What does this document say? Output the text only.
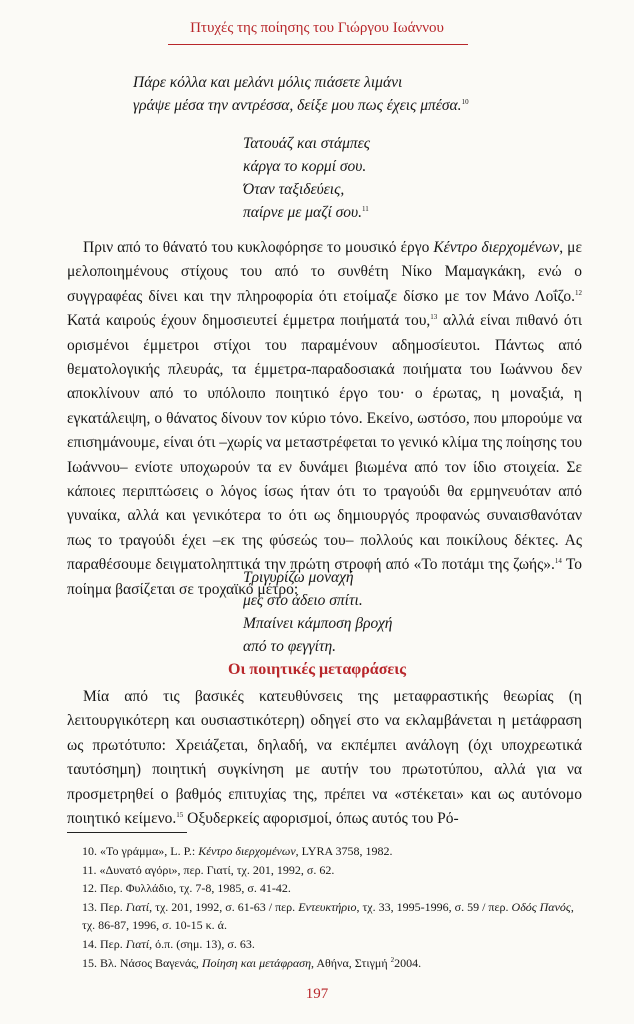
Πτυχές της ποίησης του Γιώργου Ιωάννου
Πάρε κόλλα και μελάνι μόλις πιάσετε λιμάνι
γράψε μέσα την αντρέσσα, δείξε μου πως έχεις μπέσα.$^{10}$
Τατουάζ και στάμπες
κάργα το κορμί σου.
Όταν ταξιδεύεις,
παίρνε με μαζί σου.$^{11}$

Πριν από το θάνατό του κυκλοφόρησε το μουσικό έργο Κέντρο διερχομένων, με μελοποιημένους στίχους του από το συνθέτη Νίκο Μαμαγκάκη, ενώ ο συγγραφέας δίνει και την πληροφορία ότι ετοίμαζε δίσκο με τον Μάνο Λοΐζο.$^{12}$ Κατά καιρούς έχουν δημοσιευτεί έμμετρα ποιήματά του,$^{13}$ αλλά είναι πιθανό ότι ορισμένοι έμμετροι στίχοι του παραμένουν αδημοσίευτοι. Πάντως από θεματολογικής πλευράς, τα έμμετρα-παραδοσιακά ποιήματα του Ιωάννου δεν αποκλίνουν από το υπόλοιπο ποιητικό έργο του· ο έρωτας, η μοναξιά, η εγκατάλειψη, ο θάνατος δίνουν τον κύριο τόνο. Εκείνο, ωστόσο, που μπορούμε να επισημάνουμε, είναι ότι –χωρίς να μεταστρέφεται το γενικό κλίμα της ποίησης του Ιωάννου– ενίοτε υποχωρούν τα εν δυνάμει βιωμένα από τον ίδιο στοιχεία. Σε κάποιες περιπτώσεις ο λόγος ίσως ήταν ότι το τραγούδι θα ερμηνευόταν από γυναίκα, αλλά και γενικότερα το ότι ως δημιουργός προφανώς συναισθανόταν πως το τραγούδι έχει –εκ της φύσεώς του– πολλούς και ποικίλους δέκτες. Ας παραθέσουμε δειγματοληπτικά την πρώτη στροφή από «Το ποτάμι της ζωής».$^{14}$ Το ποίημα βασίζεται σε τροχαϊκό μέτρο:

Τριγυρίζω μοναχή
μες στο άδειο σπίτι.
Μπαίνει κάμποση βροχή
από το φεγγίτη.
Οι ποιητικές μεταφράσεις

Μία από τις βασικές κατευθύνσεις της μεταφραστικής θεωρίας (η λειτουργικότερη και ουσιαστικότερη) οδηγεί στο να εκλαμβάνεται η μετάφραση ως πρωτότυπο: Χρειάζεται, δηλαδή, να εκπέμπει ανάλογη (όχι υποχρεωτικά ταυτόσημη) ποιητική συγκίνηση με αυτήν του πρωτοτύπου, αλλά για να προσμετρηθεί ο βαθμός επιτυχίας της, πρέπει να «στέκεται» και ως αυτόνομο ποιητικό κείμενο.$^{15}$ Οξυδερκείς αφορισμοί, όπως αυτός του Ρό-

10. «Το γράμμα», L. P.: Κέντρο διερχομένων, LYRA 3758, 1982.
11. «Δυνατό αγόρι», περ. Γιατί, τχ. 201, 1992, σ. 62.
12. Περ. Φυλλάδιο, τχ. 7-8, 1985, σ. 41-42.
13. Περ. Γιατί, τχ. 201, 1992, σ. 61-63 / περ. Εντευκτήριο, τχ. 33, 1995-1996, σ. 59 / περ. Οδός Πανός, τχ. 86-87, 1996, σ. 10-15 κ. ά.
14. Περ. Γιατί, ό.π. (σημ. 13), σ. 63.
15. Βλ. Νάσος Βαγενάς, Ποίηση και μετάφραση, Αθήνα, Στιγμή $^2$2004.
197
